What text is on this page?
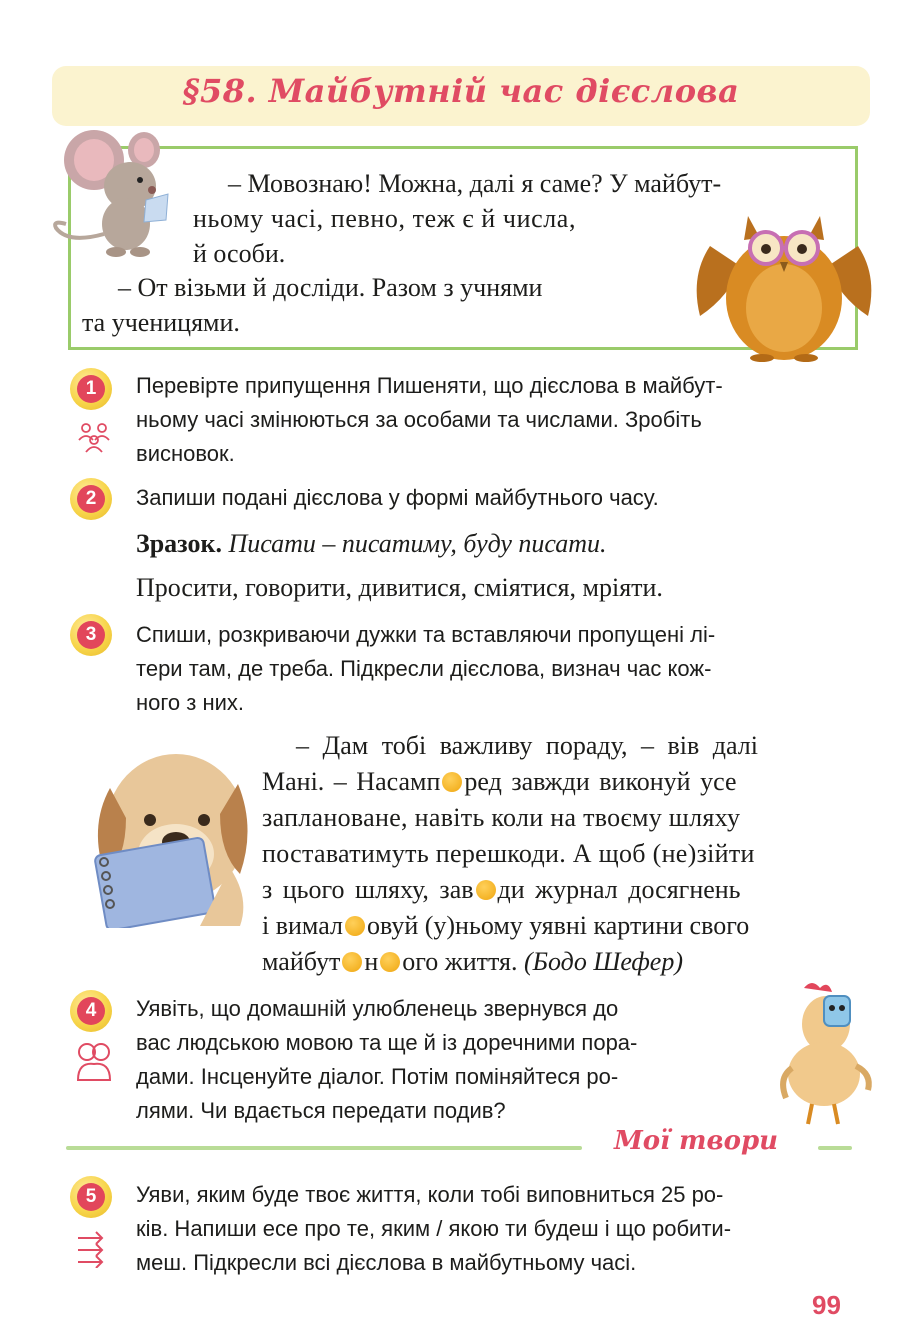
§58. Майбутній час дієслова
– Мовознаю! Можна, далі я саме? У майбут-
ньому часі, певно, теж є й числа,
й особи.
– От візьми й досліди. Разом з учнями
та ученицями.
1	Перевірте припущення Пишеняти, що дієслова в майбут-
ньому часі змінюються за особами та числами. Зробіть
висновок.
2	Запиши подані дієслова у формі майбутнього часу.
Зразок. Писати – писатиму, буду писати.
Просити, говорити, дивитися, сміятися, мріяти.
3	Спиши, розкриваючи дужки та вставляючи пропущені лі-
тери там, де треба. Підкресли дієслова, визнач час кож-
ного з них.
– Дам тобі важливу пораду, – вів далі
Мані. – Насамп ред завжди виконуй усе
заплановане, навіть коли на твоєму шляху
поставатимуть перешкоди. А щоб (не)зійти
з цього шляху, зав ди журнал досягнень
і вимал овуй (у)ньому уявні картини свого
майбут н ого життя. (Бодо Шефер)
4	Уявіть, що домашній улюбленець звернувся до
вас людською мовою та ще й із доречними пора-
дами. Інсценуйте діалог. Потім поміняйтеся ро-
лями. Чи вдається передати подив?
Мої твори
5	Уяви, яким буде твоє життя, коли тобі виповниться 25 ро-
ків. Напиши есе про те, яким / якою ти будеш і що робити-
меш. Підкресли всі дієслова в майбутньому часі.
99
